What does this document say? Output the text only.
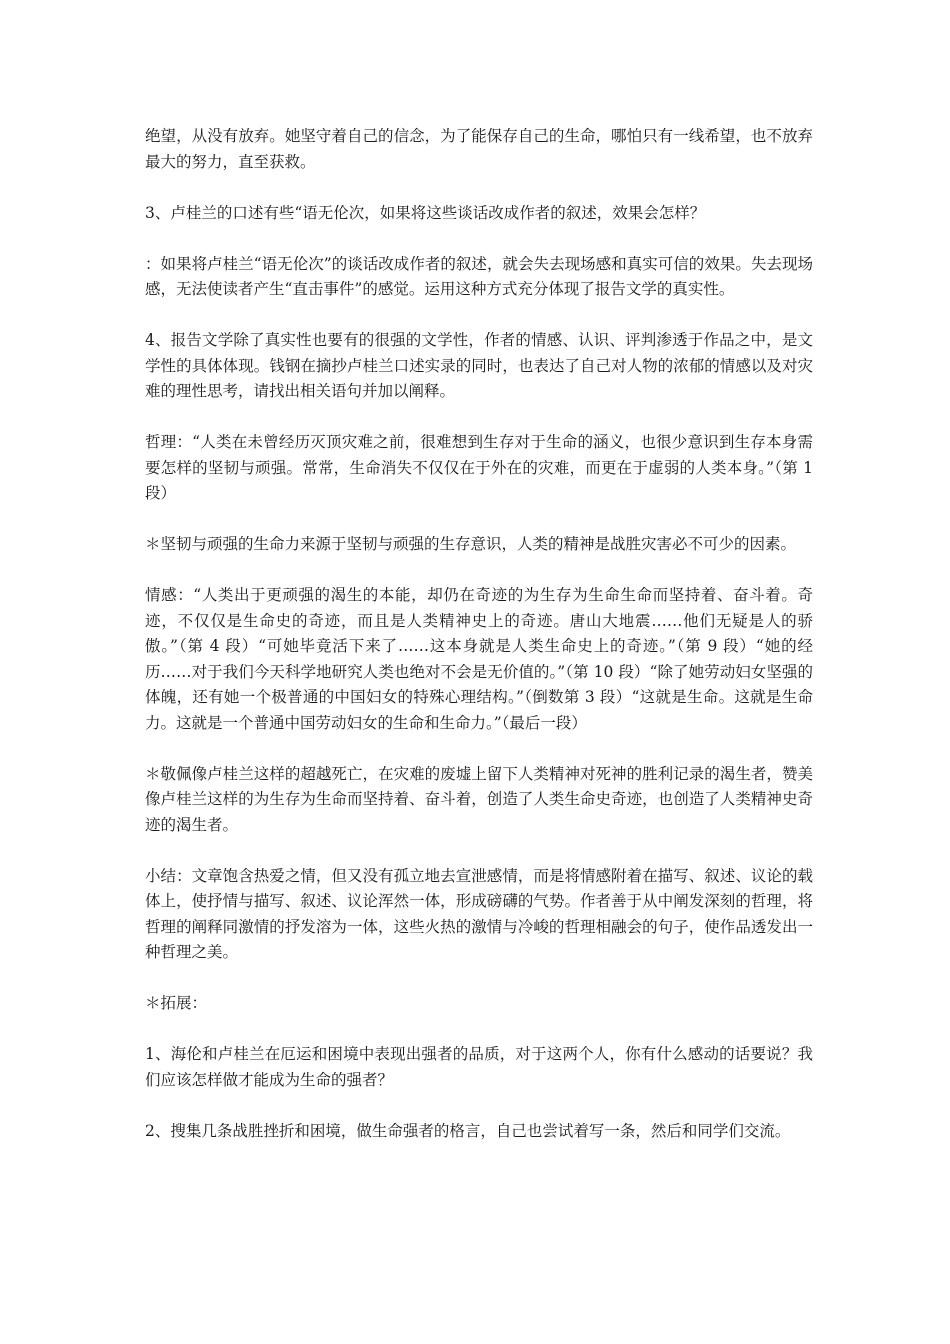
绝望，从没有放弃。她坚守着自己的信念，为了能保存自己的生命，哪怕只有一线希望，也不放弃最大的努力，直至获救。

3、卢桂兰的口述有些“语无伦次，如果将这些谈话改成作者的叙述，效果会怎样？

：如果将卢桂兰“语无伦次”的谈话改成作者的叙述，就会失去现场感和真实可信的效果。失去现场感，无法使读者产生“直击事件”的感觉。运用这种方式充分体现了报告文学的真实性。

4、报告文学除了真实性也要有的很强的文学性，作者的情感、认识、评判渗透于作品之中，是文学性的具体体现。钱钢在摘抄卢桂兰口述实录的同时，也表达了自己对人物的浓郁的情感以及对灾难的理性思考，请找出相关语句并加以阐释。

哲理：“人类在未曾经历灭顶灾难之前，很难想到生存对于生命的涵义，也很少意识到生存本身需要怎样的坚韧与顽强。常常，生命消失不仅仅在于外在的灾难，而更在于虚弱的人类本身。”（第 1 段）

＊坚韧与顽强的生命力来源于坚韧与顽强的生存意识，人类的精神是战胜灾害必不可少的因素。

情感：“人类出于更顽强的渴生的本能，却仍在奇迹的为生存为生命生命而坚持着、奋斗着。奇迹，不仅仅是生命史的奇迹，而且是人类精神史上的奇迹。唐山大地震……他们无疑是人的骄傲。”（第 4 段）“可她毕竟活下来了……这本身就是人类生命史上的奇迹。”（第 9 段）“她的经历……对于我们今天科学地研究人类也绝对不会是无价值的。”（第 10 段）“除了她劳动妇女坚强的体魄，还有她一个极普通的中国妇女的特殊心理结构。”（倒数第 3 段）“这就是生命。这就是生命力。这就是一个普通中国劳动妇女的生命和生命力。”（最后一段）

＊敬佩像卢桂兰这样的超越死亡，在灾难的废墟上留下人类精神对死神的胜利记录的渴生者，赞美像卢桂兰这样的为生存为生命而坚持着、奋斗着，创造了人类生命史奇迹，也创造了人类精神史奇迹的渴生者。

小结：文章饱含热爱之情，但又没有孤立地去宣泄感情，而是将情感附着在描写、叙述、议论的载体上，使抒情与描写、叙述、议论浑然一体，形成磅礴的气势。作者善于从中阐发深刻的哲理，将哲理的阐释同激情的抒发溶为一体，这些火热的激情与冷峻的哲理相融会的句子，使作品透发出一种哲理之美。

＊拓展：

1、海伦和卢桂兰在厄运和困境中表现出强者的品质，对于这两个人，你有什么感动的话要说？我们应该怎样做才能成为生命的强者？

2、搜集几条战胜挫折和困境，做生命强者的格言，自己也尝试着写一条，然后和同学们交流。
